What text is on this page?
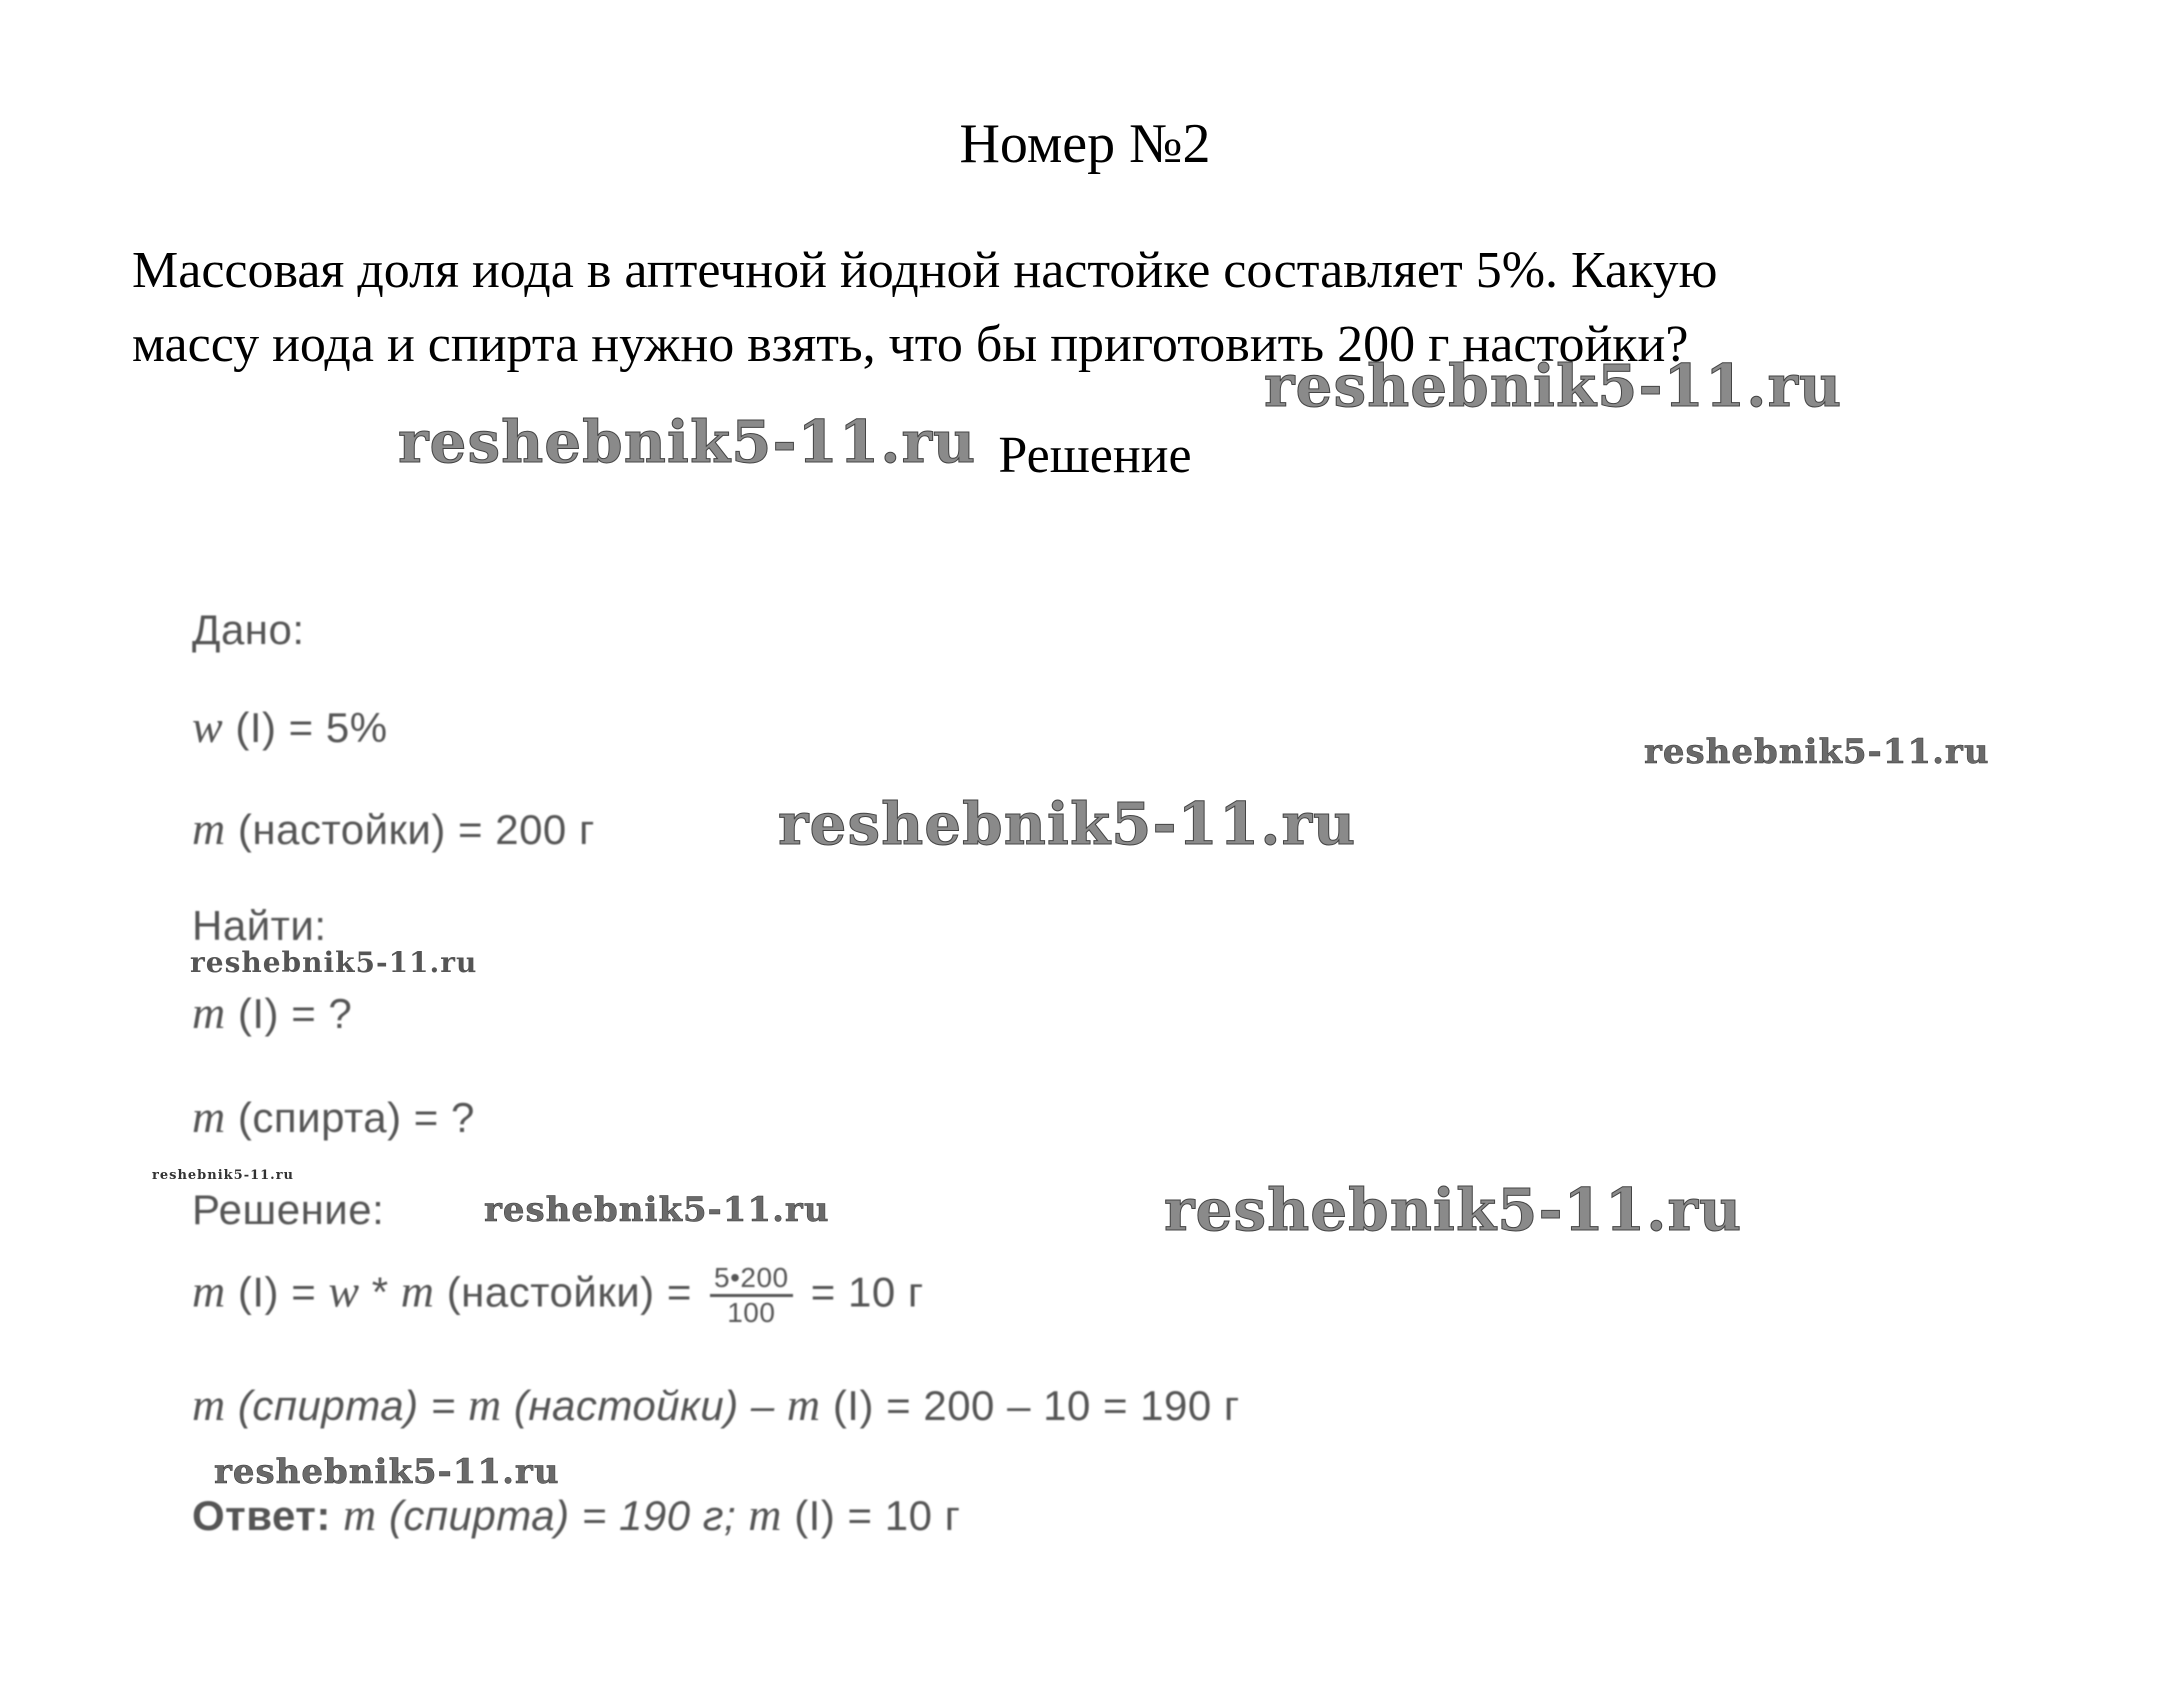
Номер №2
Массовая доля иода в аптечной йодной настойке составляет 5%. Какую
массу иода и спирта нужно взять, что бы приготовить 200 г настойки?
Решение
Дано:
w (I) = 5%
m (настойки) = 200 г
Найти:
m (I) = ?
m (спирта) = ?
Решение:
m (I) = w * m (настойки) = $\frac{5•200}{100} = 10$ г
m (спирта) = m (настойки) – m (I) = 200 – 10 = 190 г
Ответ: m (спирта) = 190 г; m (I) = 10 г
reshebnik5-11.ru
reshebnik5-11.ru
reshebnik5-11.ru
reshebnik5-11.ru
reshebnik5-11.ru
reshebnik5-11.ru
reshebnik5-11.ru	reshebnik5-11.ru
reshebnik5-11.ru
